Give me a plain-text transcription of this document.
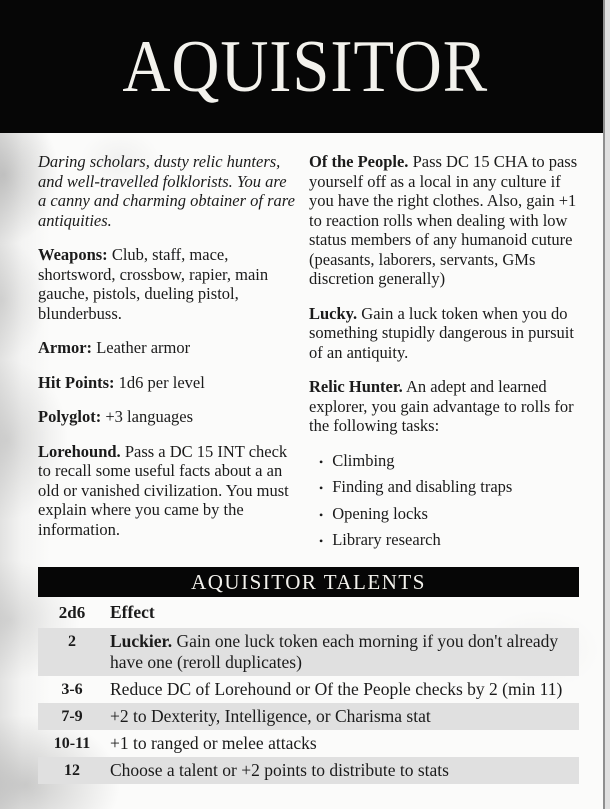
AQUISITOR

Daring scholars, dusty relic hunters, and well-travelled folklorists. You are a canny and charming obtainer of rare antiquities.

Weapons: Club, staff, mace, shortsword, crossbow, rapier, main gauche, pistols, dueling pistol, blunderbuss.

Armor: Leather armor

Hit Points: 1d6 per level

Polyglot: +3 languages

Lorehound. Pass a DC 15 INT check to recall some useful facts about a an old or vanished civilization. You must explain where you came by the information.

Of the People. Pass DC 15 CHA to pass yourself off as a local in any culture if you have the right clothes. Also, gain +1 to reaction rolls when dealing with low status members of any humanoid cuture (peasants, laborers, servants, GMs discretion generally)

Lucky. Gain a luck token when you do something stupidly dangerous in pursuit of an antiquity.

Relic Hunter. An adept and learned explorer, you gain advantage to rolls for the following tasks:

• Climbing
• Finding and disabling traps
• Opening locks
• Library research
AQUISITOR TALENTS
2d6	Effect
2	Luckier. Gain one luck token each morning if you don't already have one (reroll duplicates)
3-6	Reduce DC of Lorehound or Of the People checks by 2 (min 11)
7-9	+2 to Dexterity, Intelligence, or Charisma stat
10-11	+1 to ranged or melee attacks
12	Choose a talent or +2 points to distribute to stats
